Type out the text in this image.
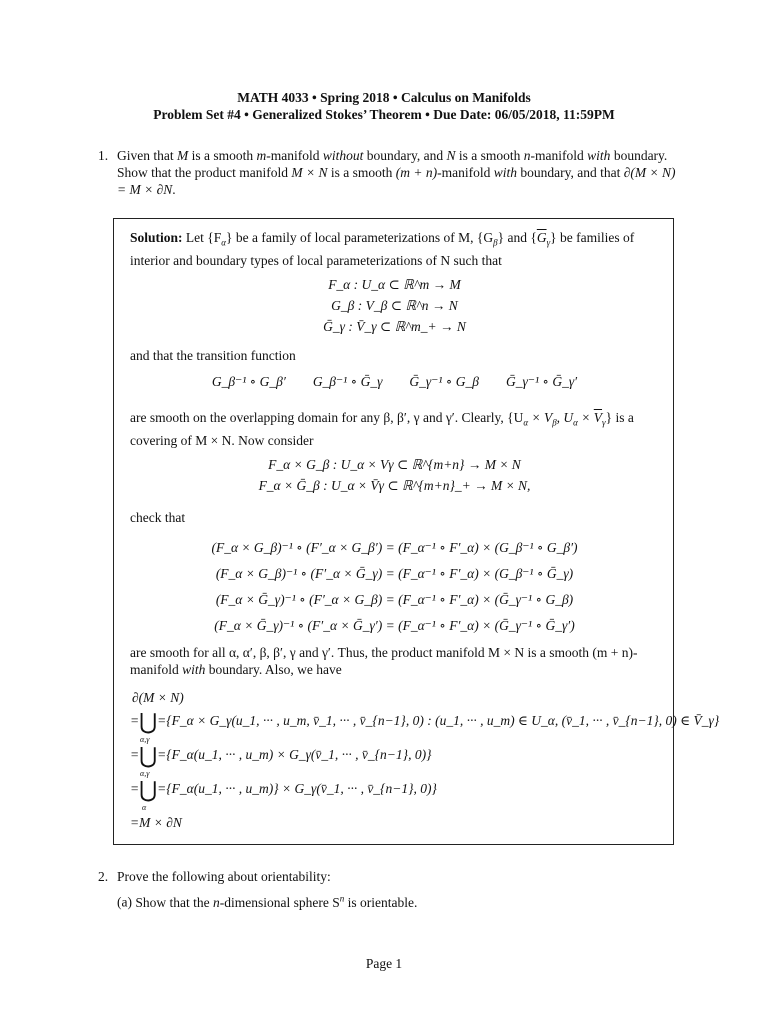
MATH 4033 • Spring 2018 • Calculus on Manifolds
Problem Set #4 • Generalized Stokes’ Theorem • Due Date: 06/05/2018, 11:59PM
1. Given that M is a smooth m-manifold without boundary, and N is a smooth n-manifold with boundary. Show that the product manifold M × N is a smooth (m + n)-manifold with boundary, and that ∂(M × N) = M × ∂N.
Solution: Let $\{F_\alpha\}$ be a family of local parameterizations of M, $\{G_\beta\}$ and $\{\overline{G}_\gamma\}$ be families of interior and boundary types of local parameterizations of N such that
F_α : U_α ⊂ ℝ^m → M
G_β : V_β ⊂ ℝ^n → N
Ḡ_γ : V̄_γ ⊂ ℝ^m_+ → N
and that the transition function
G_β⁻¹ ∘ G_β′ G_β⁻¹ ∘ Ḡ_γ Ḡ_γ⁻¹ ∘ G_β Ḡ_γ⁻¹ ∘ Ḡ_γ′
are smooth on the overlapping domain for any β, β′, γ and γ′. Clearly, {$U_\alpha \times V_\beta$, $U_\alpha \times \overline{V}_\gamma$} is a covering of M × N. Now consider
F_α × G_β : U_α × Vγ ⊂ ℝ^{m+n} → M × N
F_α × Ḡ_β : U_α × V̄γ ⊂ ℝ^{m+n}_+ → M × N,
check that
(F_α × G_β)⁻¹ ∘ (F′_α × G_β′) = (F_α⁻¹ ∘ F′_α) × (G_β⁻¹ ∘ G_β′)
(F_α × G_β)⁻¹ ∘ (F′_α × Ḡ_γ) = (F_α⁻¹ ∘ F′_α) × (G_β⁻¹ ∘ Ḡ_γ)
(F_α × Ḡ_γ)⁻¹ ∘ (F′_α × G_β) = (F_α⁻¹ ∘ F′_α) × (Ḡ_γ⁻¹ ∘ G_β)
(F_α × Ḡ_γ)⁻¹ ∘ (F′_α × Ḡ_γ′) = (F_α⁻¹ ∘ F′_α) × (Ḡ_γ⁻¹ ∘ Ḡ_γ′)
are smooth for all α, α′, β, β′, γ and γ′. Thus, the product manifold M × N is a smooth (m + n)-manifold with boundary. Also, we have
∂(M × N)
=⋃={F_α × G_γ(u_1, ··· , u_m, v̄_1, ··· , v̄_{n−1}, 0) : (u_1, ··· , u_m) ∈ U_α, (v̄_1, ··· , v̄_{n−1}, 0) ∈ V̄_γ}
α,γ
=⋃={F_α(u_1, ··· , u_m) × G_γ(v̄_1, ··· , v̄_{n−1}, 0)}
α,γ
=⋃={F_α(u_1, ··· , u_m)} × G_γ(v̄_1, ··· , v̄_{n−1}, 0)}
α
=M × ∂N
2. Prove the following about orientability:
(a) Show that the n-dimensional sphere $S^n$ is orientable.
Page 1
